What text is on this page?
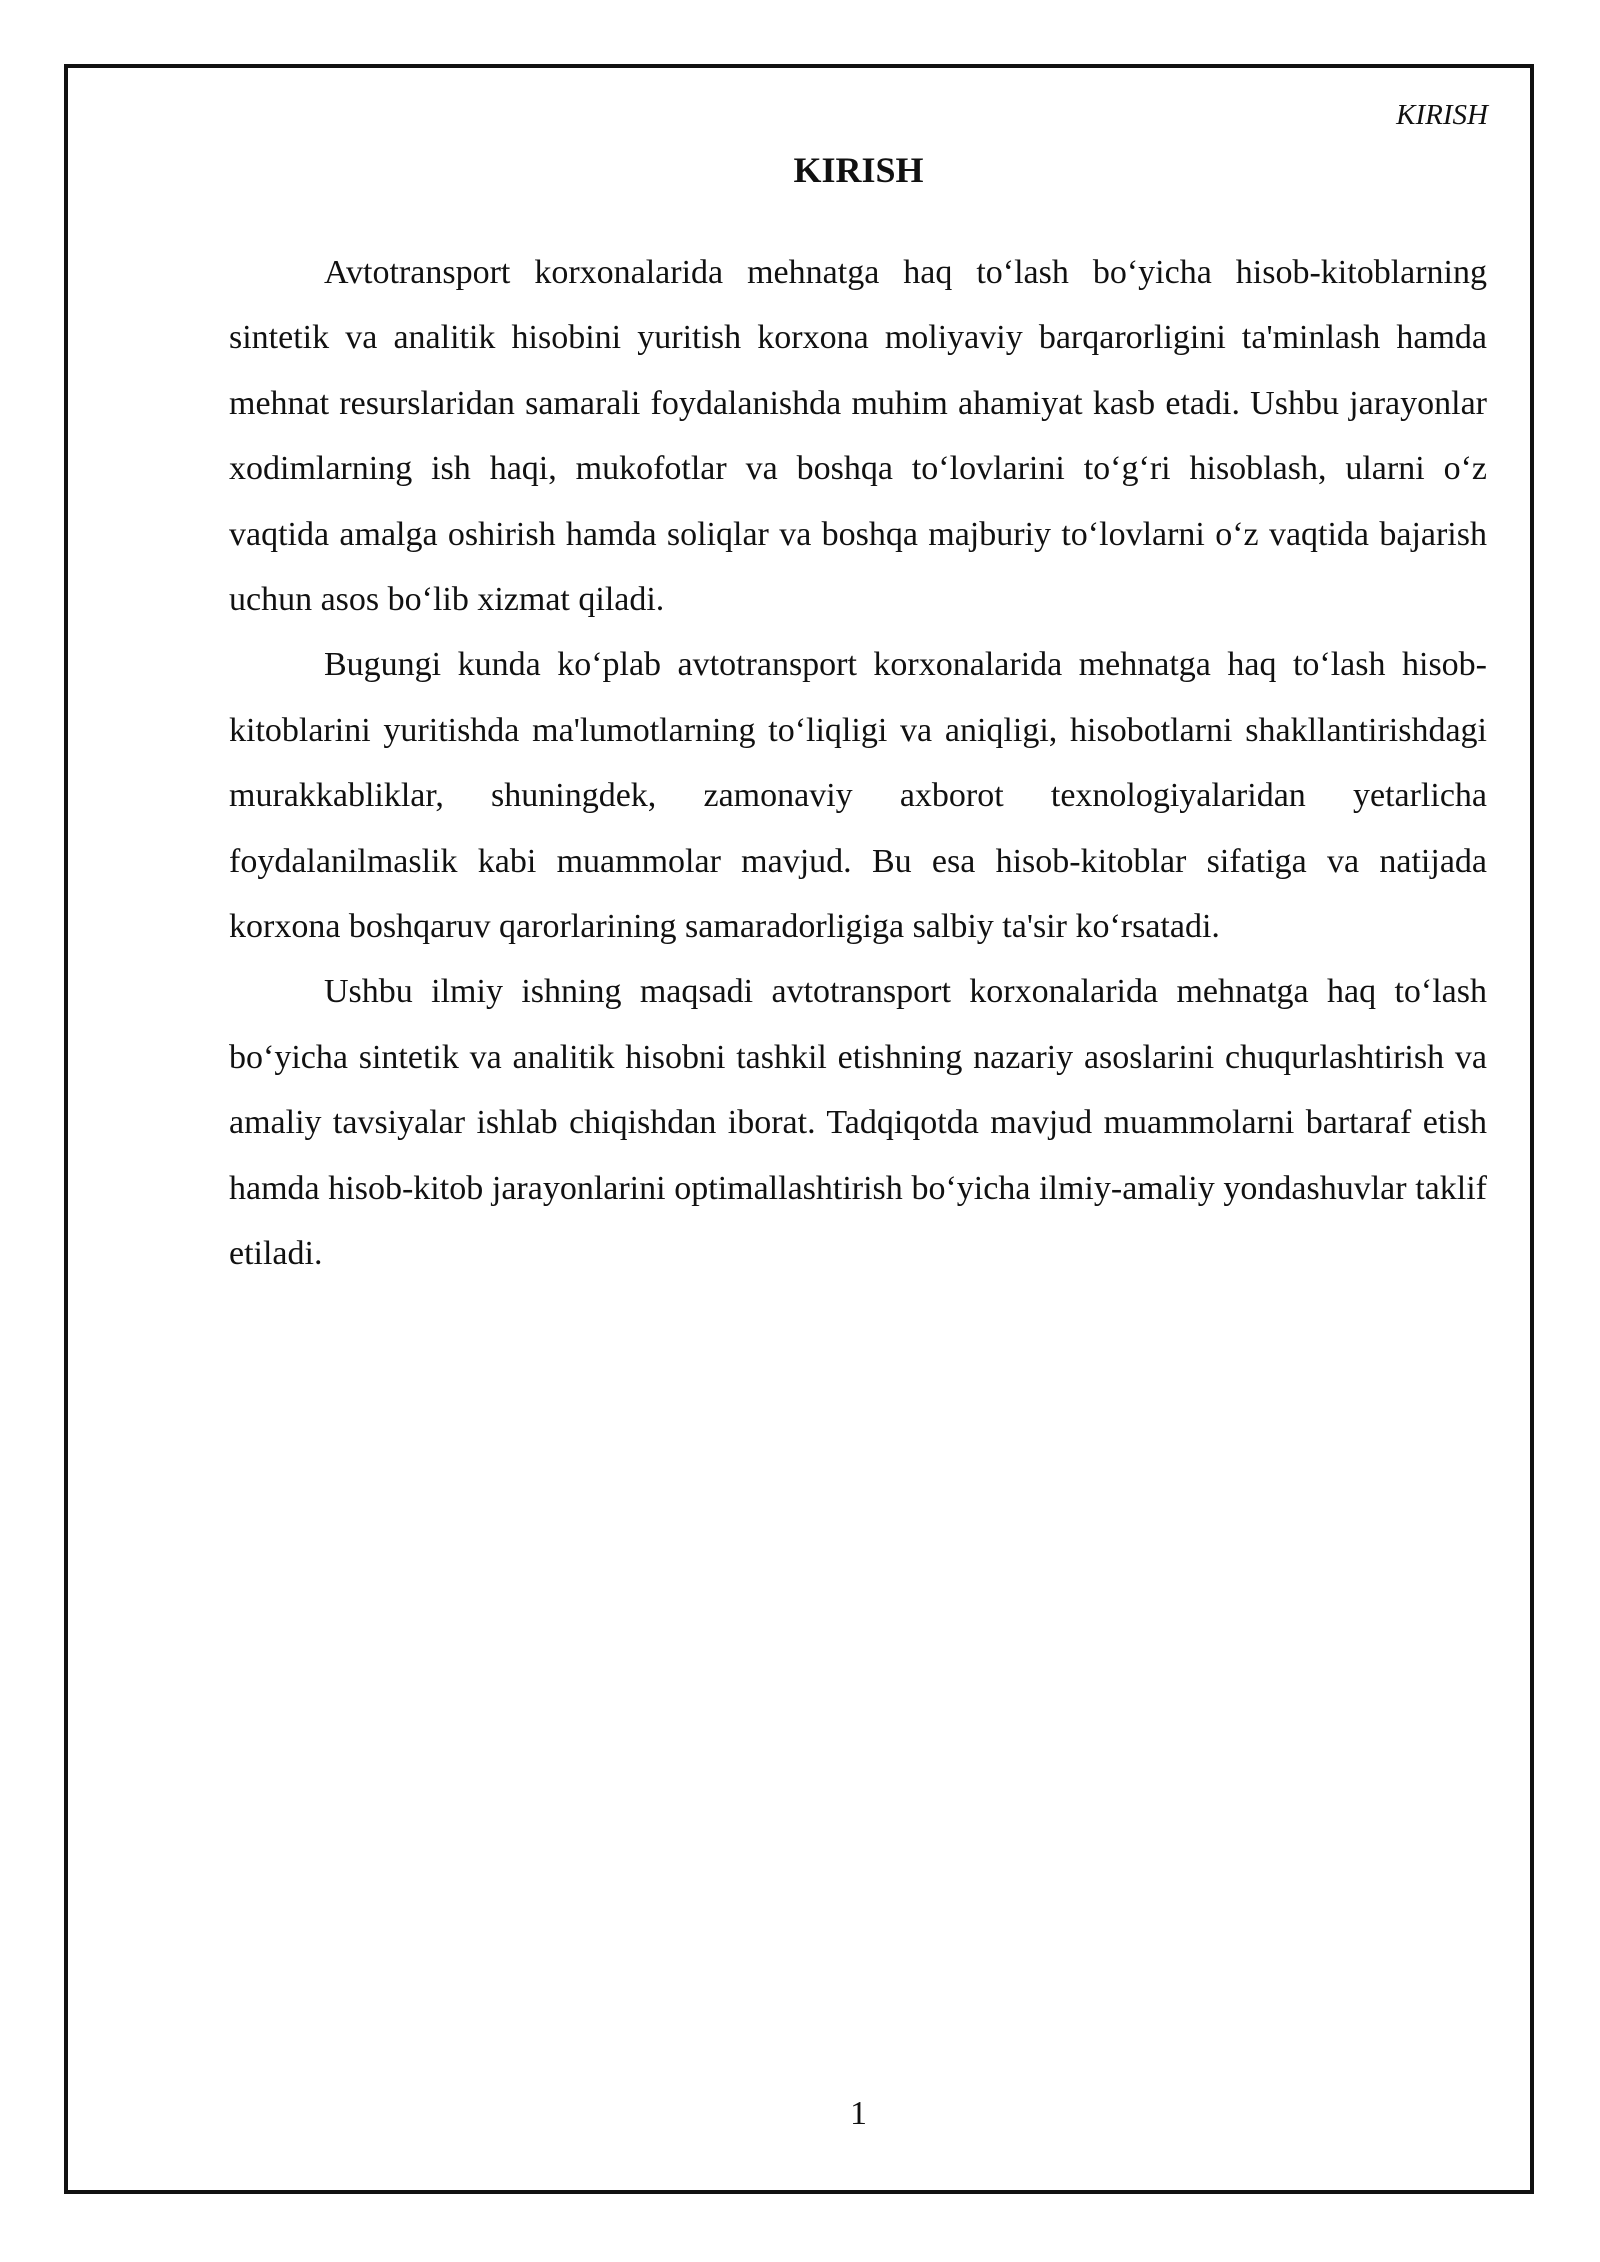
KIRISH
KIRISH

Avtotransport korxonalarida mehnatga haq to‘lash bo‘yicha hisob-kitoblarning sintetik va analitik hisobini yuritish korxona moliyaviy barqarorligini ta'minlash hamda mehnat resurslaridan samarali foydalanishda muhim ahamiyat kasb etadi. Ushbu jarayonlar xodimlarning ish haqi, mukofotlar va boshqa to‘lovlarini to‘g‘ri hisoblash, ularni o‘z vaqtida amalga oshirish hamda soliqlar va boshqa majburiy to‘lovlarni o‘z vaqtida bajarish uchun asos bo‘lib xizmat qiladi.

Bugungi kunda ko‘plab avtotransport korxonalarida mehnatga haq to‘lash hisob-kitoblarini yuritishda ma'lumotlarning to‘liqligi va aniqligi, hisobotlarni shakllantirishdagi murakkabliklar, shuningdek, zamonaviy axborot texnologiyalaridan yetarlicha foydalanilmaslik kabi muammolar mavjud. Bu esa hisob-kitoblar sifatiga va natijada korxona boshqaruv qarorlarining samaradorligiga salbiy ta'sir ko‘rsatadi.

Ushbu ilmiy ishning maqsadi avtotransport korxonalarida mehnatga haq to‘lash bo‘yicha sintetik va analitik hisobni tashkil etishning nazariy asoslarini chuqurlashtirish va amaliy tavsiyalar ishlab chiqishdan iborat. Tadqiqotda mavjud muammolarni bartaraf etish hamda hisob-kitob jarayonlarini optimallashtirish bo‘yicha ilmiy-amaliy yondashuvlar taklif etiladi.

1
